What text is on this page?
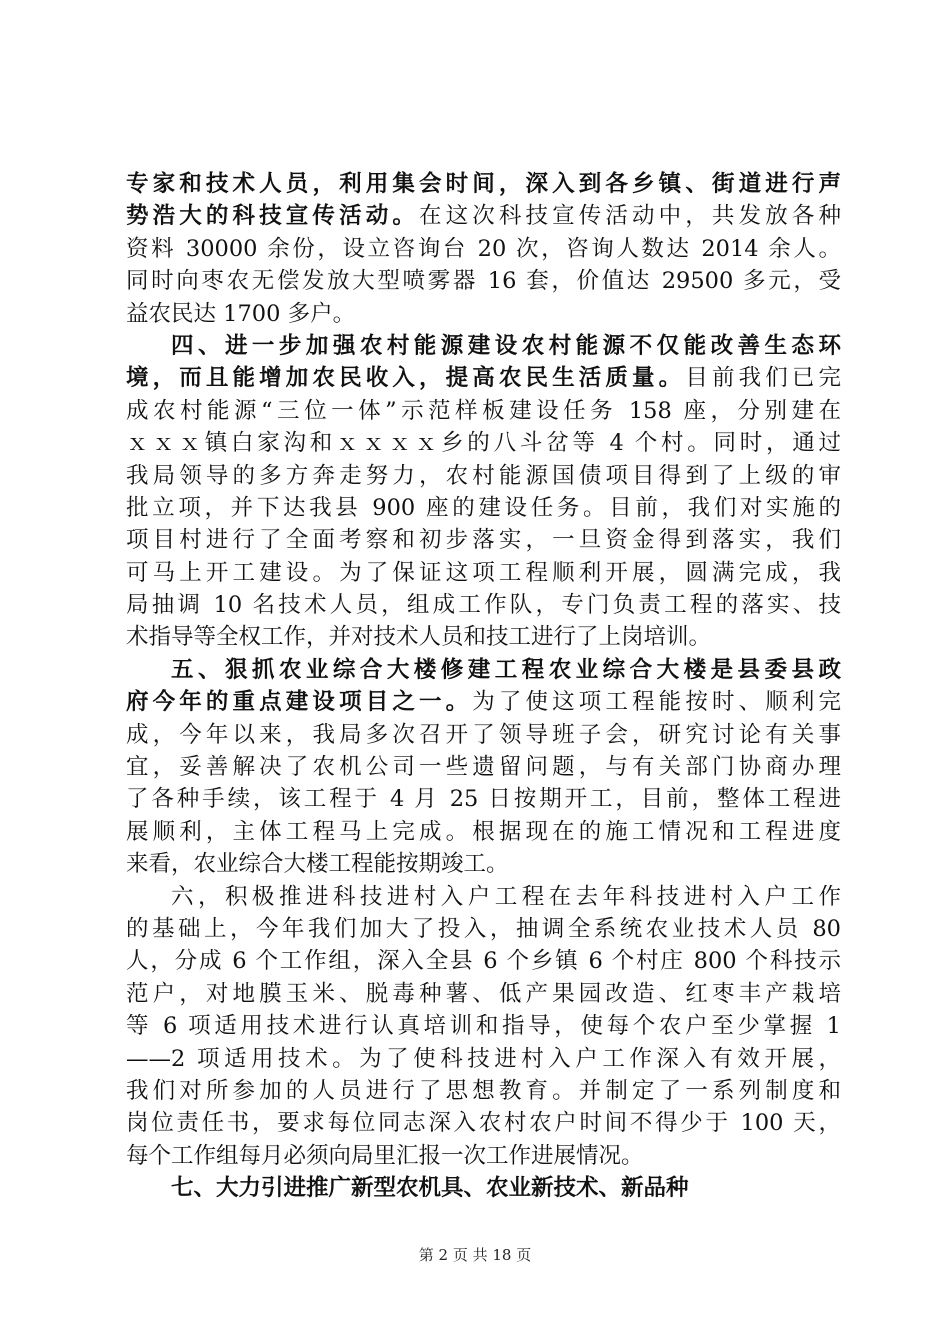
专家和技术人员，利用集会时间，深入到各乡镇、街道进行声
势浩大的科技宣传活动。在这次科技宣传活动中，共发放各种
资料 30000 余份，设立咨询台 20 次，咨询人数达 2014 余人。
同时向枣农无偿发放大型喷雾器 16 套，价值达 29500 多元，受
益农民达 1700 多户。
四、进一步加强农村能源建设农村能源不仅能改善生态环
境，而且能增加农民收入，提高农民生活质量。目前我们已完
成农村能源“三位一体”示范样板建设任务 158 座，分别建在
ｘｘｘ镇白家沟和ｘｘｘｘ乡的八斗岔等 4 个村。同时，通过
我局领导的多方奔走努力，农村能源国债项目得到了上级的审
批立项，并下达我县 900 座的建设任务。目前，我们对实施的
项目村进行了全面考察和初步落实，一旦资金得到落实，我们
可马上开工建设。为了保证这项工程顺利开展，圆满完成，我
局抽调 10 名技术人员，组成工作队，专门负责工程的落实、技
术指导等全权工作，并对技术人员和技工进行了上岗培训。
五、狠抓农业综合大楼修建工程农业综合大楼是县委县政
府今年的重点建设项目之一。为了使这项工程能按时、顺利完
成，今年以来，我局多次召开了领导班子会，研究讨论有关事
宜，妥善解决了农机公司一些遗留问题，与有关部门协商办理
了各种手续，该工程于 4 月 25 日按期开工，目前，整体工程进
展顺利，主体工程马上完成。根据现在的施工情况和工程进度
来看，农业综合大楼工程能按期竣工。
六，积极推进科技进村入户工程在去年科技进村入户工作
的基础上，今年我们加大了投入，抽调全系统农业技术人员 80
人，分成 6 个工作组，深入全县 6 个乡镇 6 个村庄 800 个科技示
范户，对地膜玉米、脱毒种薯、低产果园改造、红枣丰产栽培
等 6 项适用技术进行认真培训和指导，使每个农户至少掌握 1
——2 项适用技术。为了使科技进村入户工作深入有效开展，
我们对所参加的人员进行了思想教育。并制定了一系列制度和
岗位责任书，要求每位同志深入农村农户时间不得少于 100 天，
每个工作组每月必须向局里汇报一次工作进展情况。
七、大力引进推广新型农机具、农业新技术、新品种
第 2 页 共 18 页
